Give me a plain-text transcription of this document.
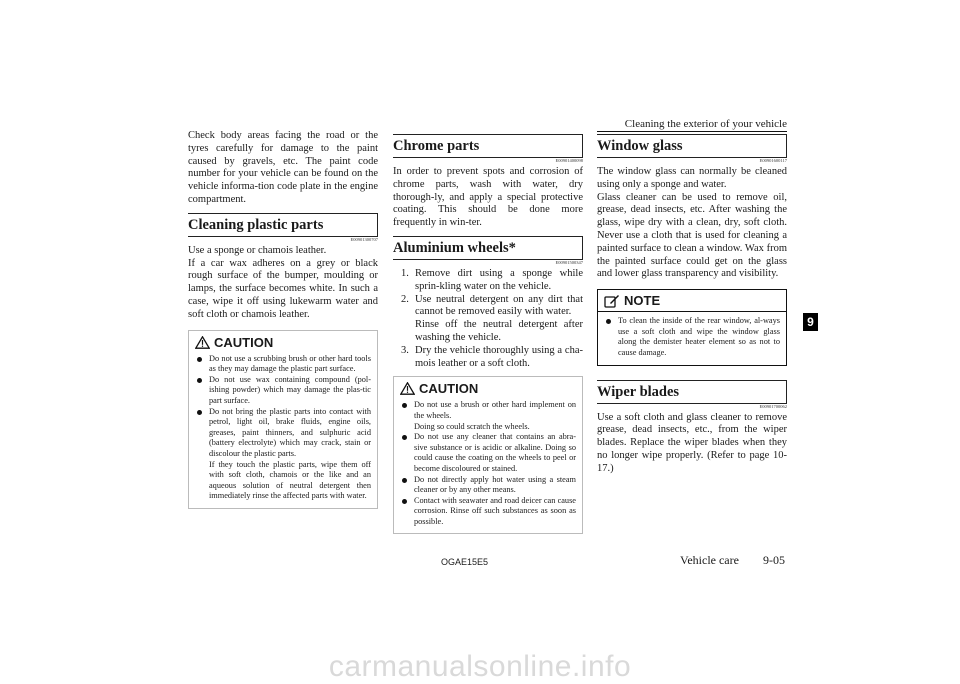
Cleaning the exterior of your vehicle

Check body areas facing the road or the tyres carefully for damage to the paint caused by gravels, etc. The paint code number for your vehicle can be found on the vehicle informa-tion code plate in the engine compartment.

Cleaning plastic parts
E00901300707

Use a sponge or chamois leather.

If a car wax adheres on a grey or black rough surface of the bumper, moulding or lamps, the surface becomes white. In such a case, wipe it off using lukewarm water and soft cloth or chamois leather.

CAUTION
Do not use a scrubbing brush or other hard tools as they may damage the plastic part surface.
Do not use wax containing compound (pol-ishing powder) which may damage the plas-tic part surface.
Do not bring the plastic parts into contact with petrol, light oil, brake fluids, engine oils, greases, paint thinners, and sulphuric acid (battery electrolyte) which may crack, stain or discolour the plastic parts.
If they touch the plastic parts, wipe them off with soft cloth, chamois or the like and an aqueous solution of neutral detergent then immediately rinse the affected parts with water.
Chrome parts
E00901400098

In order to prevent spots and corrosion of chrome parts, wash with water, dry thorough-ly, and apply a special protective coating. This should be done more frequently in win-ter.

Aluminium wheels*
E00901500347
1. Remove dirt using a sponge while sprin-kling water on the vehicle.
2. Use neutral detergent on any dirt that cannot be removed easily with water.
Rinse off the neutral detergent after washing the vehicle.
3. Dry the vehicle thoroughly using a cha-mois leather or a soft cloth.
CAUTION
Do not use a brush or other hard implement on the wheels.
Doing so could scratch the wheels.
Do not use any cleaner that contains an abra-sive substance or is acidic or alkaline. Doing so could cause the coating on the wheels to peel or become discoloured or stained.
Do not directly apply hot water using a steam cleaner or by any other means.
Contact with seawater and road deicer can cause corrosion. Rinse off such substances as soon as possible.
Window glass
E00901600117

The window glass can normally be cleaned using only a sponge and water.

Glass cleaner can be used to remove oil, grease, dead insects, etc. After washing the glass, wipe dry with a clean, dry, soft cloth. Never use a cloth that is used for cleaning a painted surface to clean a window. Wax from the painted surface could get on the glass and lower glass transparency and visibility.

NOTE
To clean the inside of the rear window, al-ways use a soft cloth and wipe the window glass along the demister heater element so as not to cause damage.
Wiper blades
E00901700062

Use a soft cloth and glass cleaner to remove grease, dead insects, etc., from the wiper blades. Replace the wiper blades when they no longer wipe properly. (Refer to page 10-17.)

9
OGAE15E5	Vehicle care 9-05
carmanualsonline.info
